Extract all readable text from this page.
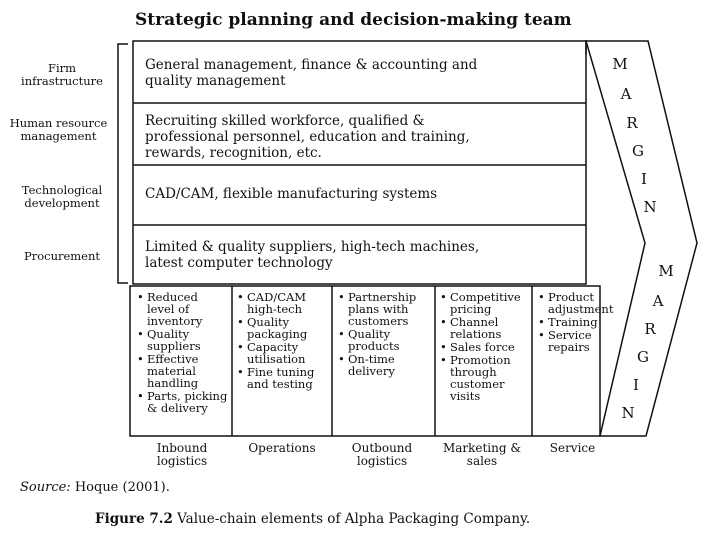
Strategic planning and decision-making team
Firm infrastructure
Human resource management
Technological development
Procurement
General management, finance & accounting and
quality management
Recruiting skilled workforce, qualified &
professional personnel, education and training,
rewards, recognition, etc.
CAD/CAM, flexible manufacturing systems
Limited & quality suppliers, high-tech machines,
latest computer technology
• Reduced level of inventory
• Quality suppliers
• Effective material handling
• Parts, picking & delivery
• CAD/CAM high-tech
• Quality packaging
• Capacity utilisation
• Fine tuning and testing
• Partnership plans with customers
• Quality products
• On-time delivery
• Competitive pricing
• Channel relations
• Sales force
• Promotion through customer visits
• Product adjustment
• Training
• Service repairs
Inbound logistics
Operations	Outbound logistics
Marketing & sales
Service
M
A
R
G
I
N
M
A
R
G
I
N
Source: Hoque (2001).
Figure 7.2 Value-chain elements of Alpha Packaging Company.
